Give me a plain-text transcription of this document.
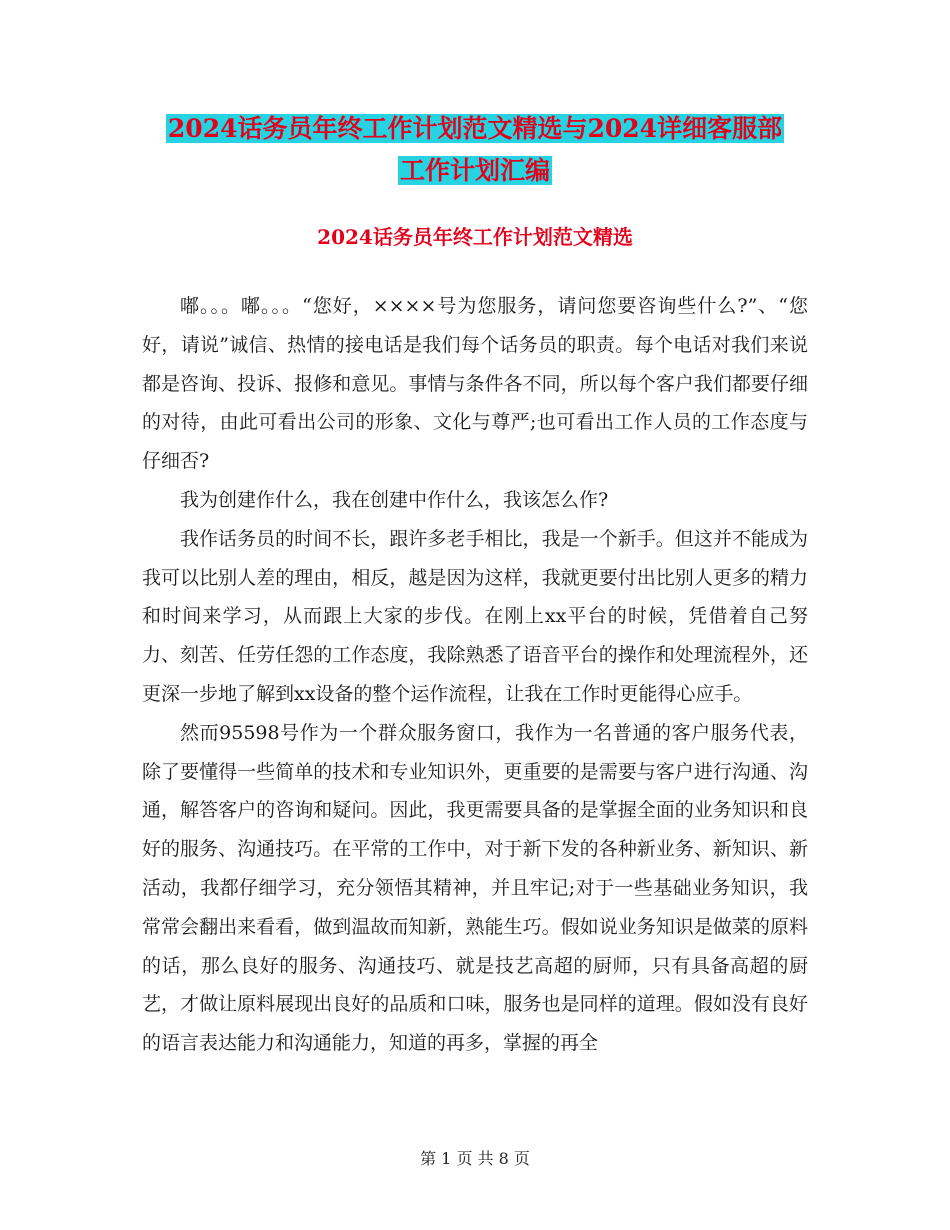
2024话务员年终工作计划范文精选与2024详细客服部
工作计划汇编
2024话务员年终工作计划范文精选

嘟。。。嘟。。。“您好，××××号为您服务，请问您要咨询些什么?”、“您好，请说”诚信、热情的接电话是我们每个话务员的职责。每个电话对我们来说都是咨询、投诉、报修和意见。事情与条件各不同，所以每个客户我们都要仔细的对待，由此可看出公司的形象、文化与尊严;也可看出工作人员的工作态度与仔细否?

我为创建作什么，我在创建中作什么，我该怎么作?

我作话务员的时间不长，跟许多老手相比，我是一个新手。但这并不能成为我可以比别人差的理由，相反，越是因为这样，我就更要付出比别人更多的精力和时间来学习，从而跟上大家的步伐。在刚上xx平台的时候，凭借着自己努力、刻苦、任劳任怨的工作态度，我除熟悉了语音平台的操作和处理流程外，还更深一步地了解到xx设备的整个运作流程，让我在工作时更能得心应手。

然而95598号作为一个群众服务窗口，我作为一名普通的客户服务代表，除了要懂得一些简单的技术和专业知识外，更重要的是需要与客户进行沟通、沟通，解答客户的咨询和疑问。因此，我更需要具备的是掌握全面的业务知识和良好的服务、沟通技巧。在平常的工作中，对于新下发的各种新业务、新知识、新活动，我都仔细学习，充分领悟其精神，并且牢记;对于一些基础业务知识，我常常会翻出来看看，做到温故而知新，熟能生巧。假如说业务知识是做菜的原料的话，那么良好的服务、沟通技巧、就是技艺高超的厨师，只有具备高超的厨艺，才做让原料展现出良好的品质和口味，服务也是同样的道理。假如没有良好的语言表达能力和沟通能力，知道的再多，掌握的再全

第 1 页 共 8 页
